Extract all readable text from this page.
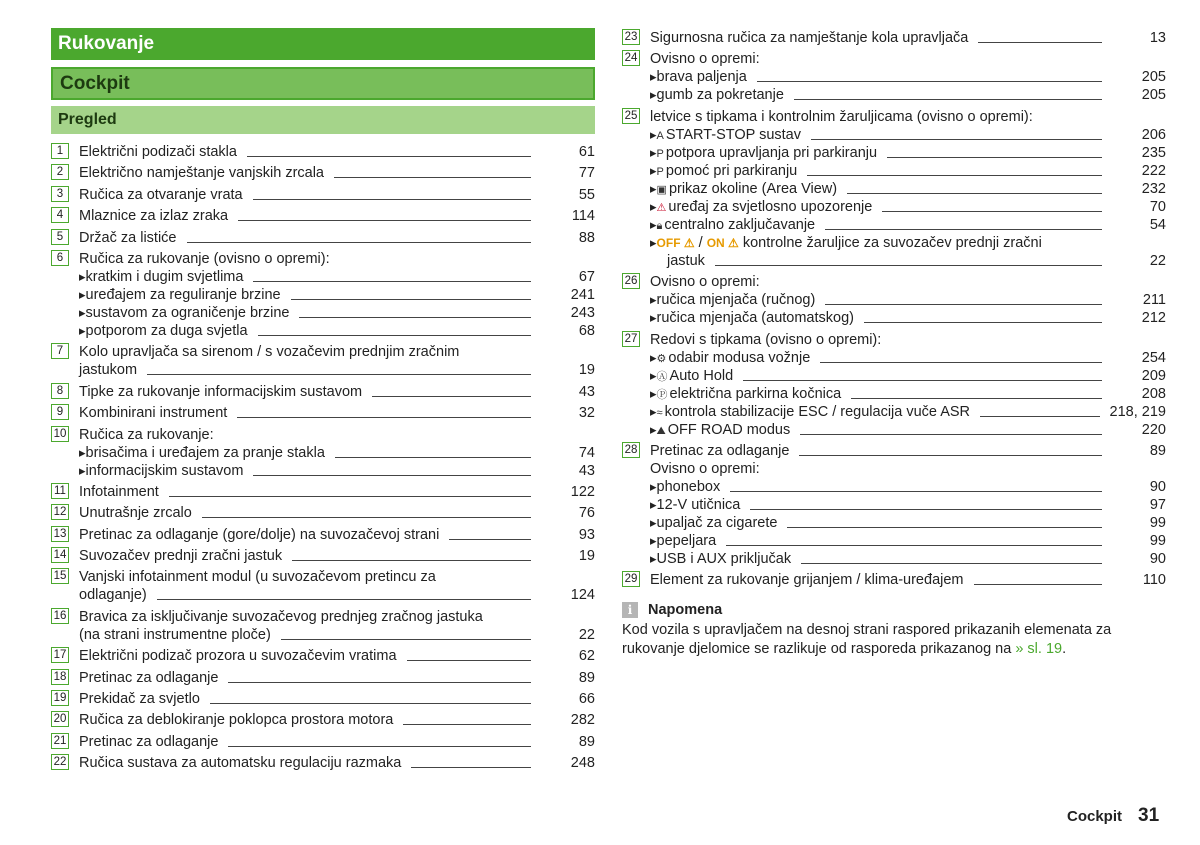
Rukovanje
Cockpit
Pregled
1	Električni podizači stakla	61
2	Električno namještanje vanjskih zrcala	77
3	Ručica za otvaranje vrata	55
4	Mlaznice za izlaz zraka	114
5	Držač za listiće	88
6	Ručica za rukovanje (ovisno o opremi):
▸ kratkim i dugim svjetlima	67
▸ uređajem za reguliranje brzine	241
▸ sustavom za ograničenje brzine	243
▸ potporom za duga svjetla	68
7	Kolo upravljača sa sirenom / s vozačevim prednjim zračnim
jastukom	19
8	Tipke za rukovanje informacijskim sustavom	43
9	Kombinirani instrument	32
10 Ručica za rukovanje:
▸ brisačima i uređajem za pranje stakla	74
▸ informacijskim sustavom	43
11 Infotainment	122
12 Unutrašnje zrcalo	76
13 Pretinac za odlaganje (gore/dolje) na suvozačevoj strani	93
14 Suvozačev prednji zračni jastuk	19
15 Vanjski infotainment modul (u suvozačevom pretincu za
odlaganje)	124
16 Bravica za isključivanje suvozačevog prednjeg zračnog jastuka
(na strani instrumentne ploče)	22
17 Električni podizač prozora u suvozačevim vratima	62
18 Pretinac za odlaganje	89
19 Prekidač za svjetlo	66
20 Ručica za deblokiranje poklopca prostora motora	282
21 Pretinac za odlaganje	89
22 Ručica sustava za automatsku regulaciju razmaka	248
23 Sigurnosna ručica za namještanje kola upravljača	13
24 Ovisno o opremi:
▸ brava paljenja	205
▸ gumb za pokretanje	205
25 letvice s tipkama i kontrolnim žaruljicama (ovisno o opremi):
▸ A START-STOP sustav	206
▸ P potpora upravljanja pri parkiranju	235
▸ P pomoć pri parkiranju	222
▸ ▣ prikaz okoline (Area View)	232
▸ ⚠ uređaj za svjetlosno upozorenje	70
▸ 🔒︎ centralno zaključavanje	54
▸ OFF ⚠ / ON ⚠ kontrolne žaruljice za suvozačev prednji zračni
jastuk	22
26 Ovisno o opremi:
▸ ručica mjenjača (ručnog)	211
▸ ručica mjenjača (automatskog)	212
27 Redovi s tipkama (ovisno o opremi):
▸ ⚙ odabir modusa vožnje	254
▸ Ⓐ Auto Hold	209
▸ Ⓟ električna parkirna kočnica	208
▸ ≈ kontrola stabilizacije ESC / regulacija vuče ASR	218, 219
▸ ⛰ OFF ROAD modus	220
28 Pretinac za odlaganje	89
Ovisno o opremi:
▸ phonebox	90
▸ 12-V utičnica	97
▸ upaljač za cigarete	99
▸ pepeljara	99
▸ USB i AUX priključak	90
29 Element za rukovanje grijanjem / klima-uređajem	110
i	Napomena
Kod vozila s upravljačem na desnoj strani raspored prikazanih elemenata za rukovanje djelomice se razlikuje od rasporeda prikazanog na » sl. 19.
Cockpit 31
